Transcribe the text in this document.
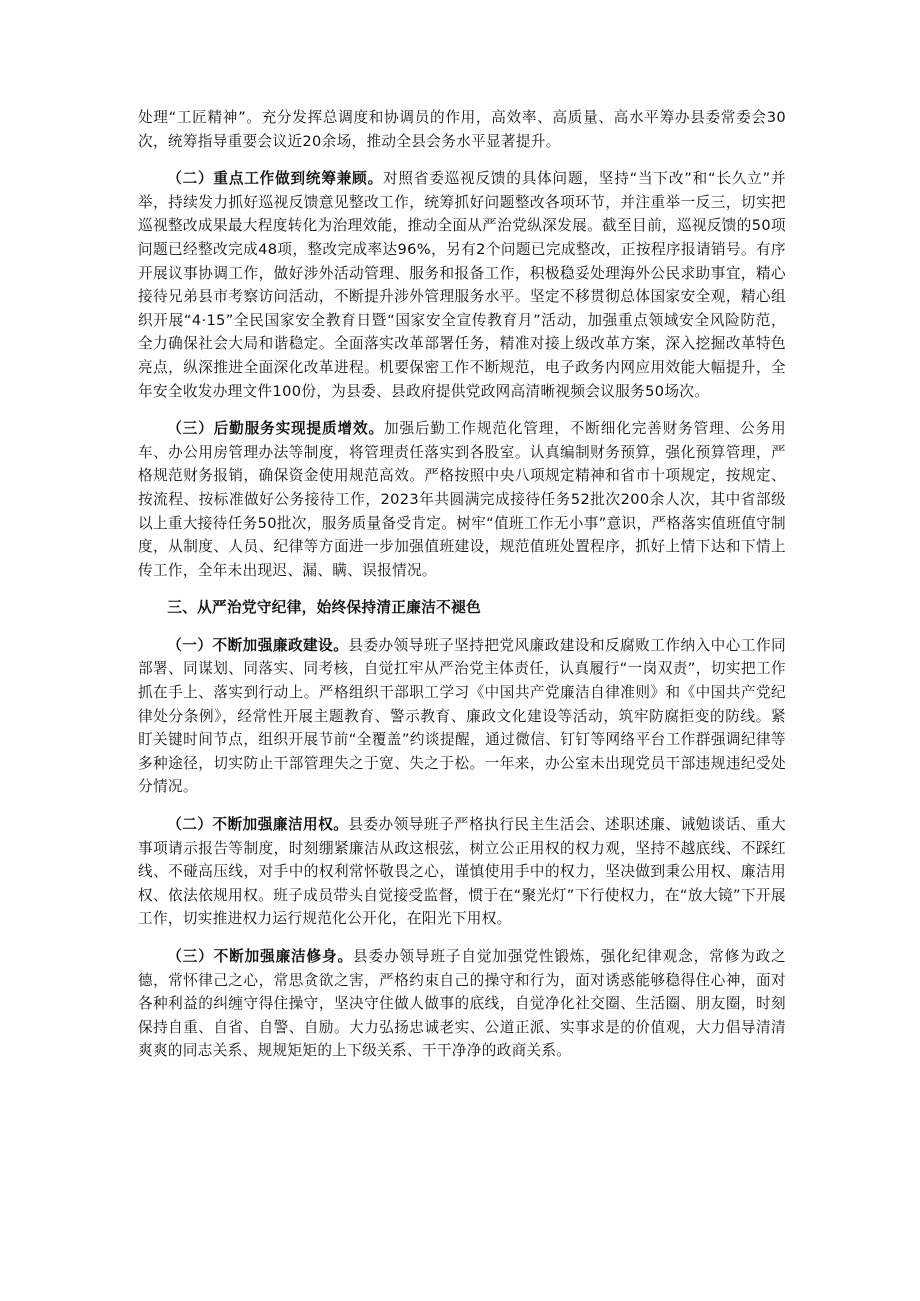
处理“工匠精神”。充分发挥总调度和协调员的作用，高效率、高质量、高水平筹办县委常委会30次，统筹指导重要会议近20余场，推动全县会务水平显著提升。

（二）重点工作做到统筹兼顾。对照省委巡视反馈的具体问题，坚持“当下改”和“长久立”并举，持续发力抓好巡视反馈意见整改工作，统筹抓好问题整改各项环节，并注重举一反三，切实把巡视整改成果最大程度转化为治理效能，推动全面从严治党纵深发展。截至目前，巡视反馈的50项问题已经整改完成48项，整改完成率达96%，另有2个问题已完成整改，正按程序报请销号。有序开展议事协调工作，做好涉外活动管理、服务和报备工作，积极稳妥处理海外公民求助事宜，精心接待兄弟县市考察访问活动，不断提升涉外管理服务水平。坚定不移贯彻总体国家安全观，精心组织开展“4·15”全民国家安全教育日暨“国家安全宣传教育月”活动，加强重点领域安全风险防范，全力确保社会大局和谐稳定。全面落实改革部署任务，精准对接上级改革方案，深入挖掘改革特色亮点，纵深推进全面深化改革进程。机要保密工作不断规范，电子政务内网应用效能大幅提升，全年安全收发办理文件100份，为县委、县政府提供党政网高清晰视频会议服务50场次。

（三）后勤服务实现提质增效。加强后勤工作规范化管理，不断细化完善财务管理、公务用车、办公用房管理办法等制度，将管理责任落实到各股室。认真编制财务预算，强化预算管理，严格规范财务报销，确保资金使用规范高效。严格按照中央八项规定精神和省市十项规定，按规定、按流程、按标准做好公务接待工作，2023年共圆满完成接待任务52批次200余人次，其中省部级以上重大接待任务50批次，服务质量备受肯定。树牢“值班工作无小事”意识，严格落实值班值守制度，从制度、人员、纪律等方面进一步加强值班建设，规范值班处置程序，抓好上情下达和下情上传工作，全年未出现迟、漏、瞒、误报情况。

三、从严治党守纪律，始终保持清正廉洁不褪色

（一）不断加强廉政建设。县委办领导班子坚持把党风廉政建设和反腐败工作纳入中心工作同部署、同谋划、同落实、同考核，自觉扛牢从严治党主体责任，认真履行“一岗双责”，切实把工作抓在手上、落实到行动上。严格组织干部职工学习《中国共产党廉洁自律准则》和《中国共产党纪律处分条例》，经常性开展主题教育、警示教育、廉政文化建设等活动，筑牢防腐拒变的防线。紧盯关键时间节点，组织开展节前“全覆盖”约谈提醒，通过微信、钉钉等网络平台工作群强调纪律等多种途径，切实防止干部管理失之于宽、失之于松。一年来，办公室未出现党员干部违规违纪受处分情况。

（二）不断加强廉洁用权。县委办领导班子严格执行民主生活会、述职述廉、诫勉谈话、重大事项请示报告等制度，时刻绷紧廉洁从政这根弦，树立公正用权的权力观，坚持不越底线、不踩红线、不碰高压线，对手中的权利常怀敬畏之心，谨慎使用手中的权力，坚决做到秉公用权、廉洁用权、依法依规用权。班子成员带头自觉接受监督，惯于在“聚光灯”下行使权力，在“放大镜”下开展工作，切实推进权力运行规范化公开化，在阳光下用权。

（三）不断加强廉洁修身。县委办领导班子自觉加强党性锻炼，强化纪律观念，常修为政之德，常怀律己之心，常思贪欲之害，严格约束自己的操守和行为，面对诱惑能够稳得住心神，面对各种利益的纠缠守得住操守，坚决守住做人做事的底线，自觉净化社交圈、生活圈、朋友圈，时刻保持自重、自省、自警、自励。大力弘扬忠诚老实、公道正派、实事求是的价值观，大力倡导清清爽爽的同志关系、规规矩矩的上下级关系、干干净净的政商关系。
